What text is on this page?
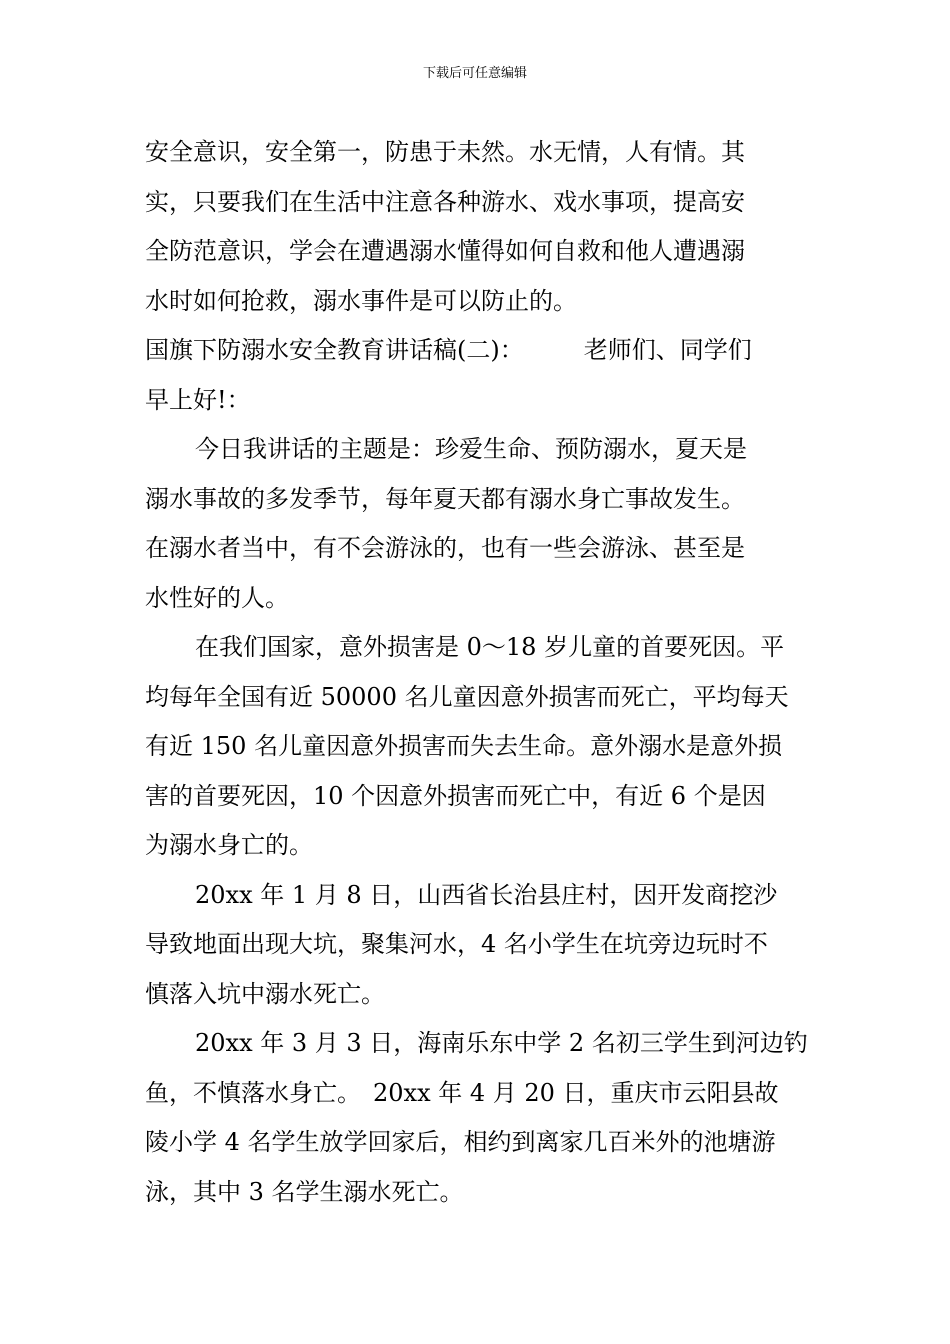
下载后可任意编辑
安全意识，安全第一，防患于未然。水无情，人有情。其
实，只要我们在生活中注意各种游水、戏水事项，提高安
全防范意识，学会在遭遇溺水懂得如何自救和他人遭遇溺
水时如何抢救，溺水事件是可以防止的。
国旗下防溺水安全教育讲话稿(二)：　　　老师们、同学们
早上好!：
今日我讲话的主题是：珍爱生命、预防溺水，夏天是
溺水事故的多发季节，每年夏天都有溺水身亡事故发生。
在溺水者当中，有不会游泳的，也有一些会游泳、甚至是
水性好的人。
在我们国家，意外损害是 0～18 岁儿童的首要死因。平
均每年全国有近 50000 名儿童因意外损害而死亡，平均每天
有近 150 名儿童因意外损害而失去生命。意外溺水是意外损
害的首要死因，10 个因意外损害而死亡中，有近 6 个是因
为溺水身亡的。
20xx 年 1 月 8 日，山西省长治县庄村，因开发商挖沙
导致地面出现大坑，聚集河水，4 名小学生在坑旁边玩时不
慎落入坑中溺水死亡。
20xx 年 3 月 3 日，海南乐东中学 2 名初三学生到河边钓
鱼，不慎落水身亡。　20xx 年 4 月 20 日，重庆市云阳县故
陵小学 4 名学生放学回家后，相约到离家几百米外的池塘游
泳，其中 3 名学生溺水死亡。
